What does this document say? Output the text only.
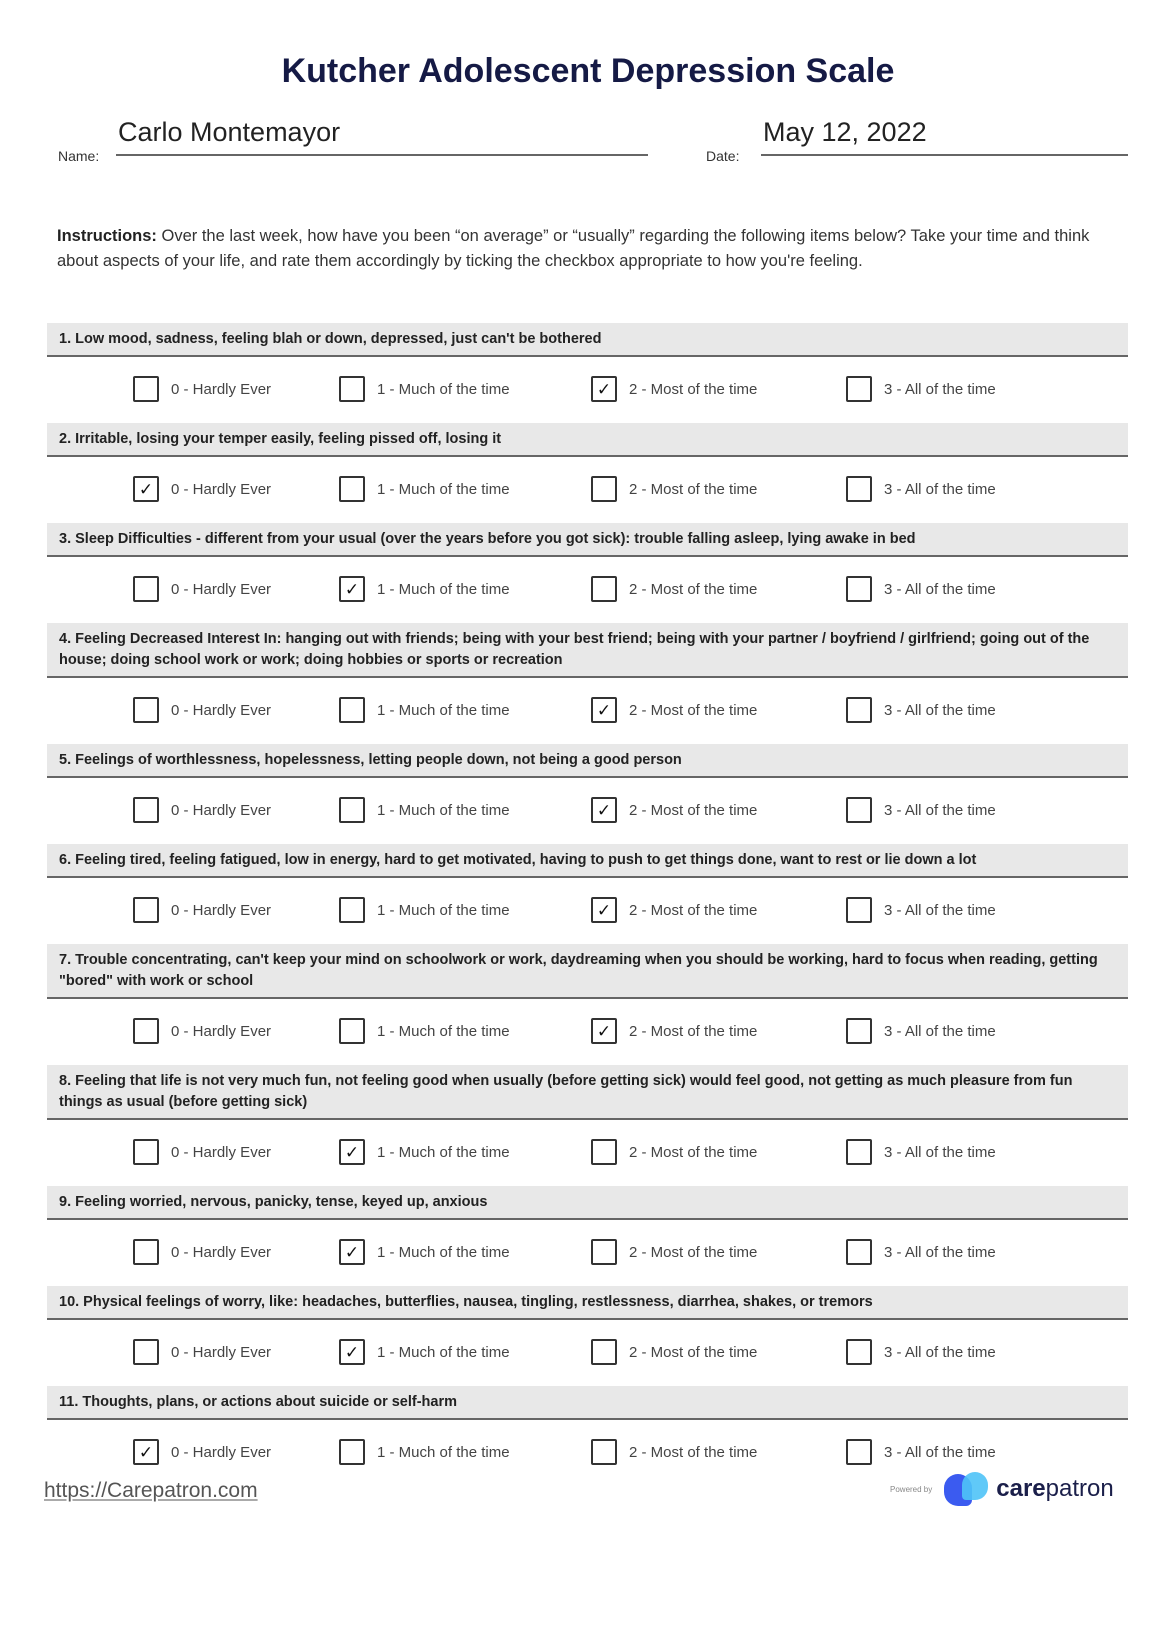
Kutcher Adolescent Depression Scale
Name:
Carlo Montemayor
Date:
May 12, 2022
Instructions: Over the last week, how have you been “on average” or “usually” regarding the following items below? Take your time and think about aspects of your life, and rate them accordingly by ticking the checkbox appropriate to how you're feeling.
1. Low mood, sadness, feeling blah or down, depressed, just can't be bothered
0 - Hardly Ever	1 - Much of the time	✓ 2 - Most of the time	3 - All of the time
2. Irritable, losing your temper easily, feeling pissed off, losing it
✓ 0 - Hardly Ever	1 - Much of the time	2 - Most of the time	3 - All of the time
3. Sleep Difficulties - different from your usual (over the years before you got sick): trouble falling asleep, lying awake in bed
0 - Hardly Ever	✓ 1 - Much of the time	2 - Most of the time	3 - All of the time
4. Feeling Decreased Interest In: hanging out with friends; being with your best friend; being with your partner / boyfriend / girlfriend; going out of the house; doing school work or work; doing hobbies or sports or recreation
0 - Hardly Ever	1 - Much of the time	✓ 2 - Most of the time	3 - All of the time
5. Feelings of worthlessness, hopelessness, letting people down, not being a good person
0 - Hardly Ever	1 - Much of the time	✓ 2 - Most of the time	3 - All of the time
6. Feeling tired, feeling fatigued, low in energy, hard to get motivated, having to push to get things done, want to rest or lie down a lot
0 - Hardly Ever	1 - Much of the time	✓ 2 - Most of the time	3 - All of the time
7. Trouble concentrating, can't keep your mind on schoolwork or work, daydreaming when you should be working, hard to focus when reading, getting "bored" with work or school
0 - Hardly Ever	1 - Much of the time	✓ 2 - Most of the time	3 - All of the time
8. Feeling that life is not very much fun, not feeling good when usually (before getting sick) would feel good, not getting as much pleasure from fun things as usual (before getting sick)
0 - Hardly Ever	✓ 1 - Much of the time	2 - Most of the time	3 - All of the time
9. Feeling worried, nervous, panicky, tense, keyed up, anxious
0 - Hardly Ever	✓ 1 - Much of the time	2 - Most of the time	3 - All of the time
10. Physical feelings of worry, like: headaches, butterflies, nausea, tingling, restlessness, diarrhea, shakes, or tremors
0 - Hardly Ever	✓ 1 - Much of the time	2 - Most of the time	3 - All of the time
11. Thoughts, plans, or actions about suicide or self-harm
✓ 0 - Hardly Ever	1 - Much of the time	2 - Most of the time	3 - All of the time
https://Carepatron.com	Powered by	carepatron
